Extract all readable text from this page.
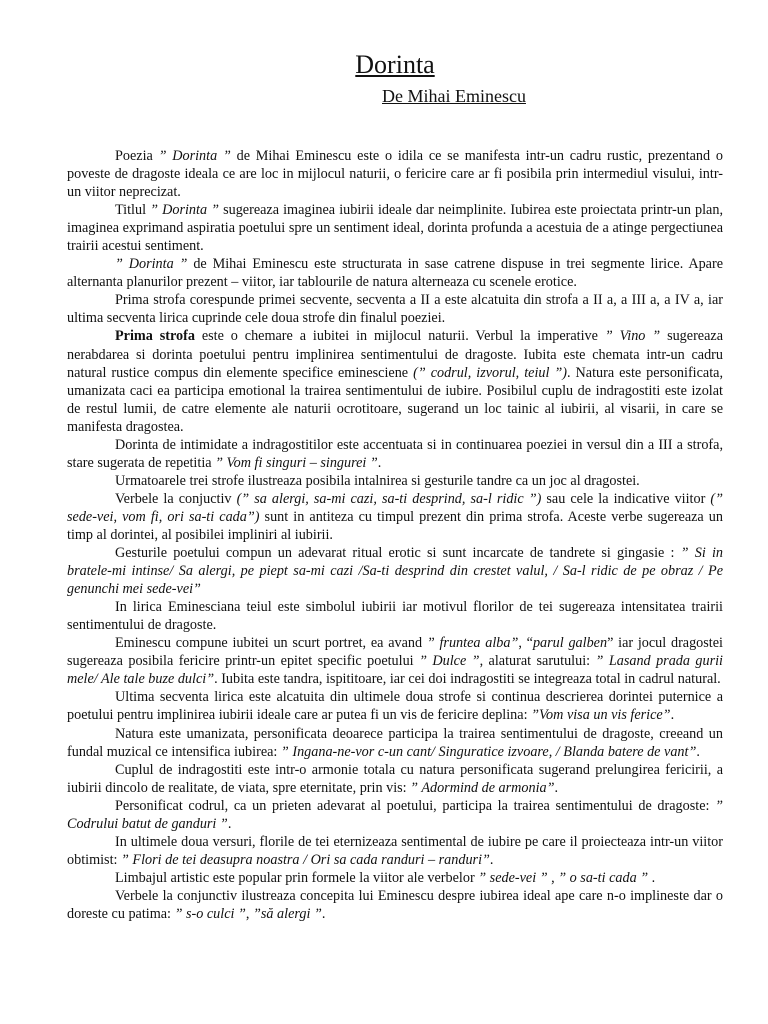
Dorinta
De Mihai Eminescu

Poezia ” Dorinta ” de Mihai Eminescu este o idila ce se manifesta intr-un cadru rustic, prezentand o poveste de dragoste ideala ce are loc in mijlocul naturii, o fericire care ar fi posibila prin intermediul visului, intr-un viitor neprecizat.

Titlul ” Dorinta ” sugereaza imaginea iubirii ideale dar neimplinite. Iubirea este proiectata printr-un plan, imaginea exprimand aspiratia poetului spre un sentiment ideal, dorinta profunda a acestuia de a atinge pergectiunea trairii acestui sentiment.

” Dorinta ” de Mihai Eminescu este structurata in sase catrene dispuse in trei segmente lirice. Apare alternanta planurilor prezent – viitor, iar tablourile de natura alterneaza cu scenele erotice.

Prima strofa corespunde primei secvente, secventa a II a este alcatuita din strofa a II a, a III a, a IV a, iar ultima secventa lirica cuprinde cele doua strofe din finalul poeziei.

Prima strofa este o chemare a iubitei in mijlocul naturii. Verbul la imperative ” Vino ” sugereaza nerabdarea si dorinta poetului pentru implinirea sentimentului de dragoste. Iubita este chemata intr-un cadru natural rustice compus din elemente specifice eminesciene (” codrul, izvorul, teiul ”). Natura este personificata, umanizata caci ea participa emotional la trairea sentimentului de iubire. Posibilul cuplu de indragostiti este izolat de restul lumii, de catre elemente ale naturii ocrotitoare, sugerand un loc tainic al iubirii, al visarii, in care se manifesta dragostea.

Dorinta de intimidate a indragostitilor este accentuata si in continuarea poeziei in versul din a III a strofa, stare sugerata de repetitia ” Vom fi singuri – singurei ”.

Urmatoarele trei strofe ilustreaza posibila intalnirea si gesturile tandre ca un joc al dragostei.

Verbele la conjuctiv (” sa alergi, sa-mi cazi, sa-ti desprind, sa-l ridic ”) sau cele la indicative viitor (” sede-vei, vom fi, ori sa-ti cada”) sunt in antiteza cu timpul prezent din prima strofa. Aceste verbe sugereaza un timp al dorintei, al posibilei impliniri al iubirii.

Gesturile poetului compun un adevarat ritual erotic si sunt incarcate de tandrete si gingasie : ” Si in bratele-mi intinse/ Sa alergi, pe piept sa-mi cazi /Sa-ti desprind din crestet valul, / Sa-l ridic de pe obraz / Pe genunchi mei sede-vei”

In lirica Eminesciana teiul este simbolul iubirii iar motivul florilor de tei sugereaza intensitatea trairii sentimentului de dragoste.

Eminescu compune iubitei un scurt portret, ea avand ” fruntea alba”, “parul galben” iar jocul dragostei sugereaza posibila fericire printr-un epitet specific poetului ” Dulce ”, alaturat sarutului: ” Lasand prada gurii mele/ Ale tale buze dulci”. Iubita este tandra, ispititoare, iar cei doi indragostiti se integreaza total in cadrul natural.

Ultima secventa lirica este alcatuita din ultimele doua strofe si continua descrierea dorintei puternice a poetului pentru implinirea iubirii ideale care ar putea fi un vis de fericire deplina: ”Vom visa un vis ferice”.

Natura este umanizata, personificata deoarece participa la trairea sentimentului de dragoste, creeand un fundal muzical ce intensifica iubirea: ” Ingana-ne-vor c-un cant/ Singuratice izvoare, / Blanda batere de vant”.

Cuplul de indragostiti este intr-o armonie totala cu natura personificata sugerand prelungirea fericirii, a iubirii dincolo de realitate, de viata, spre eternitate, prin vis: ” Adormind de armonia”.

Personificat codrul, ca un prieten adevarat al poetului, participa la trairea sentimentului de dragoste: ” Codrului batut de ganduri ”.

In ultimele doua versuri, florile de tei eternizeaza sentimental de iubire pe care il proiecteaza intr-un viitor obtimist: ” Flori de tei deasupra noastra / Ori sa cada randuri – randuri”.

Limbajul artistic este popular prin formele la viitor ale verbelor ” sede-vei ” , ” o sa-ti cada ” .

Verbele la conjunctiv ilustreaza concepita lui Eminescu despre iubirea ideal ape care n-o implineste dar o doreste cu patima: ” s-o culci ”, ”să alergi ”.
